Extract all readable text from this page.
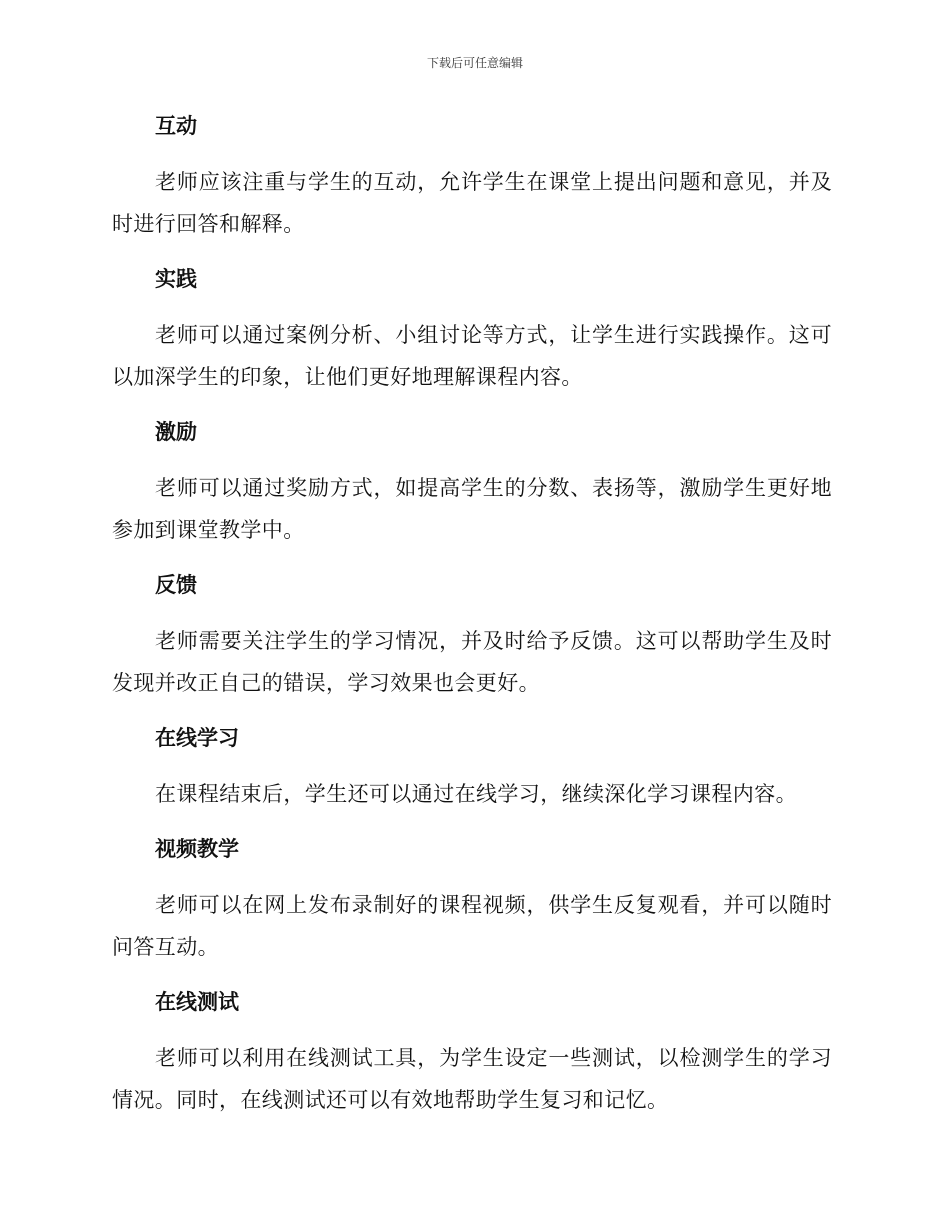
下载后可任意编辑
互动

老师应该注重与学生的互动，允许学生在课堂上提出问题和意见，并及时进行回答和解释。

实践

老师可以通过案例分析、小组讨论等方式，让学生进行实践操作。这可以加深学生的印象，让他们更好地理解课程内容。

激励

老师可以通过奖励方式，如提高学生的分数、表扬等，激励学生更好地参加到课堂教学中。

反馈

老师需要关注学生的学习情况，并及时给予反馈。这可以帮助学生及时发现并改正自己的错误，学习效果也会更好。

在线学习

在课程结束后，学生还可以通过在线学习，继续深化学习课程内容。

视频教学

老师可以在网上发布录制好的课程视频，供学生反复观看，并可以随时问答互动。

在线测试

老师可以利用在线测试工具，为学生设定一些测试，以检测学生的学习情况。同时，在线测试还可以有效地帮助学生复习和记忆。
